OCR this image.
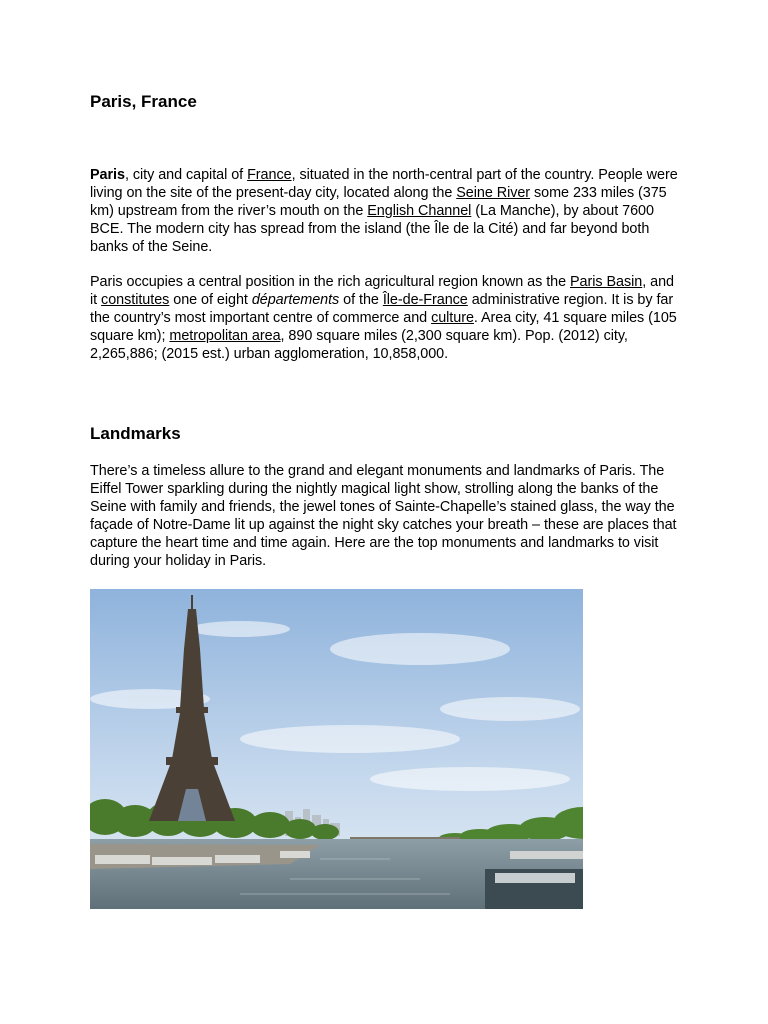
Paris, France

Paris, city and capital of France, situated in the north-central part of the country. People were living on the site of the present-day city, located along the Seine River some 233 miles (375 km) upstream from the river’s mouth on the English Channel (La Manche), by about 7600 BCE. The modern city has spread from the island (the Île de la Cité) and far beyond both banks of the Seine.

Paris occupies a central position in the rich agricultural region known as the Paris Basin, and it constitutes one of eight départements of the Île-de-France administrative region. It is by far the country’s most important centre of commerce and culture. Area city, 41 square miles (105 square km); metropolitan area, 890 square miles (2,300 square km). Pop. (2012) city, 2,265,886; (2015 est.) urban agglomeration, 10,858,000.

Landmarks

There’s a timeless allure to the grand and elegant monuments and landmarks of Paris. The Eiffel Tower sparkling during the nightly magical light show, strolling along the banks of the Seine with family and friends, the jewel tones of Sainte-Chapelle’s stained glass, the way the façade of Notre-Dame lit up against the night sky catches your breath – these are places that capture the heart time and time again. Here are the top monuments and landmarks to visit during your holiday in Paris.
